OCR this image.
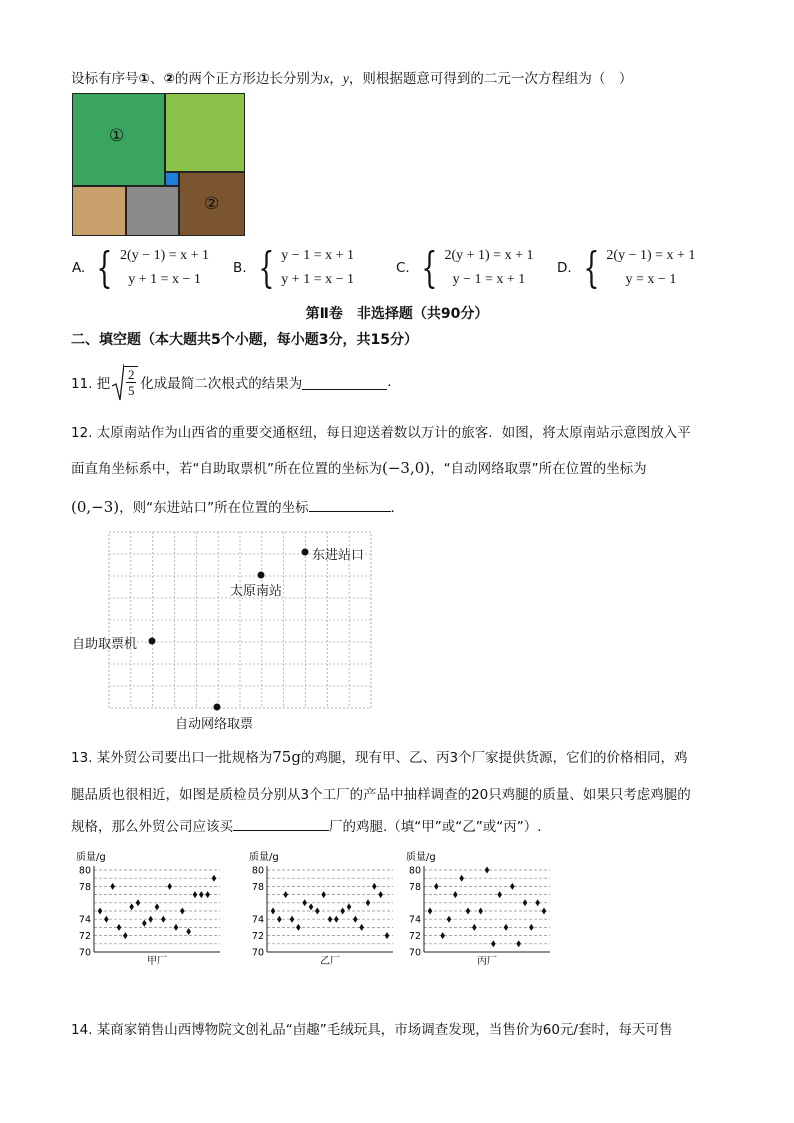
设标有序号①、②的两个正方形边长分别为x，y，则根据题意可得到的二元一次方程组为（　）
①
②
A. { 2(y − 1) = x + 1
y + 1 = x − 1
B. { y − 1 = x + 1
y + 1 = x − 1
C. { 2(y + 1) = x + 1
y − 1 = x + 1
D. { 2(y − 1) = x + 1
y = x − 1
第Ⅱ卷　非选择题（共90分）
二、填空题（本大题共5个小题，每小题3分，共15分）
11. 把
2
5 化成最简二次根式的结果为	.
12. 太原南站作为山西省的重要交通枢纽，每日迎送着数以万计的旅客．如图，将太原南站示意图放入平
面直角坐标系中，若“自助取票机”所在位置的坐标为(−3,0)，“自动网络取票”所在位置的坐标为
(0,−3)，则“东进站口”所在位置的坐标	．
东进站口
太原南站
自助取票机
自动网络取票
13. 某外贸公司要出口一批规格为75g的鸡腿，现有甲、乙、丙3个厂家提供货源，它们的价格相同，鸡
腿品质也很相近，如图是质检员分别从3个工厂的产品中抽样调查的20只鸡腿的质量、如果只考虑鸡腿的
规格，那么外贸公司应该买	厂的鸡腿.（填“甲”或“乙”或“丙”）.
质量/g
80
78
74
72
70
甲厂
质量/g
80
78
74
72
70
乙厂
质量/g
80
78
74
72
70
丙厂
14. 某商家销售山西博物院文创礼品“卣趣”毛绒玩具，市场调查发现，当售价为60元/套时，每天可售
